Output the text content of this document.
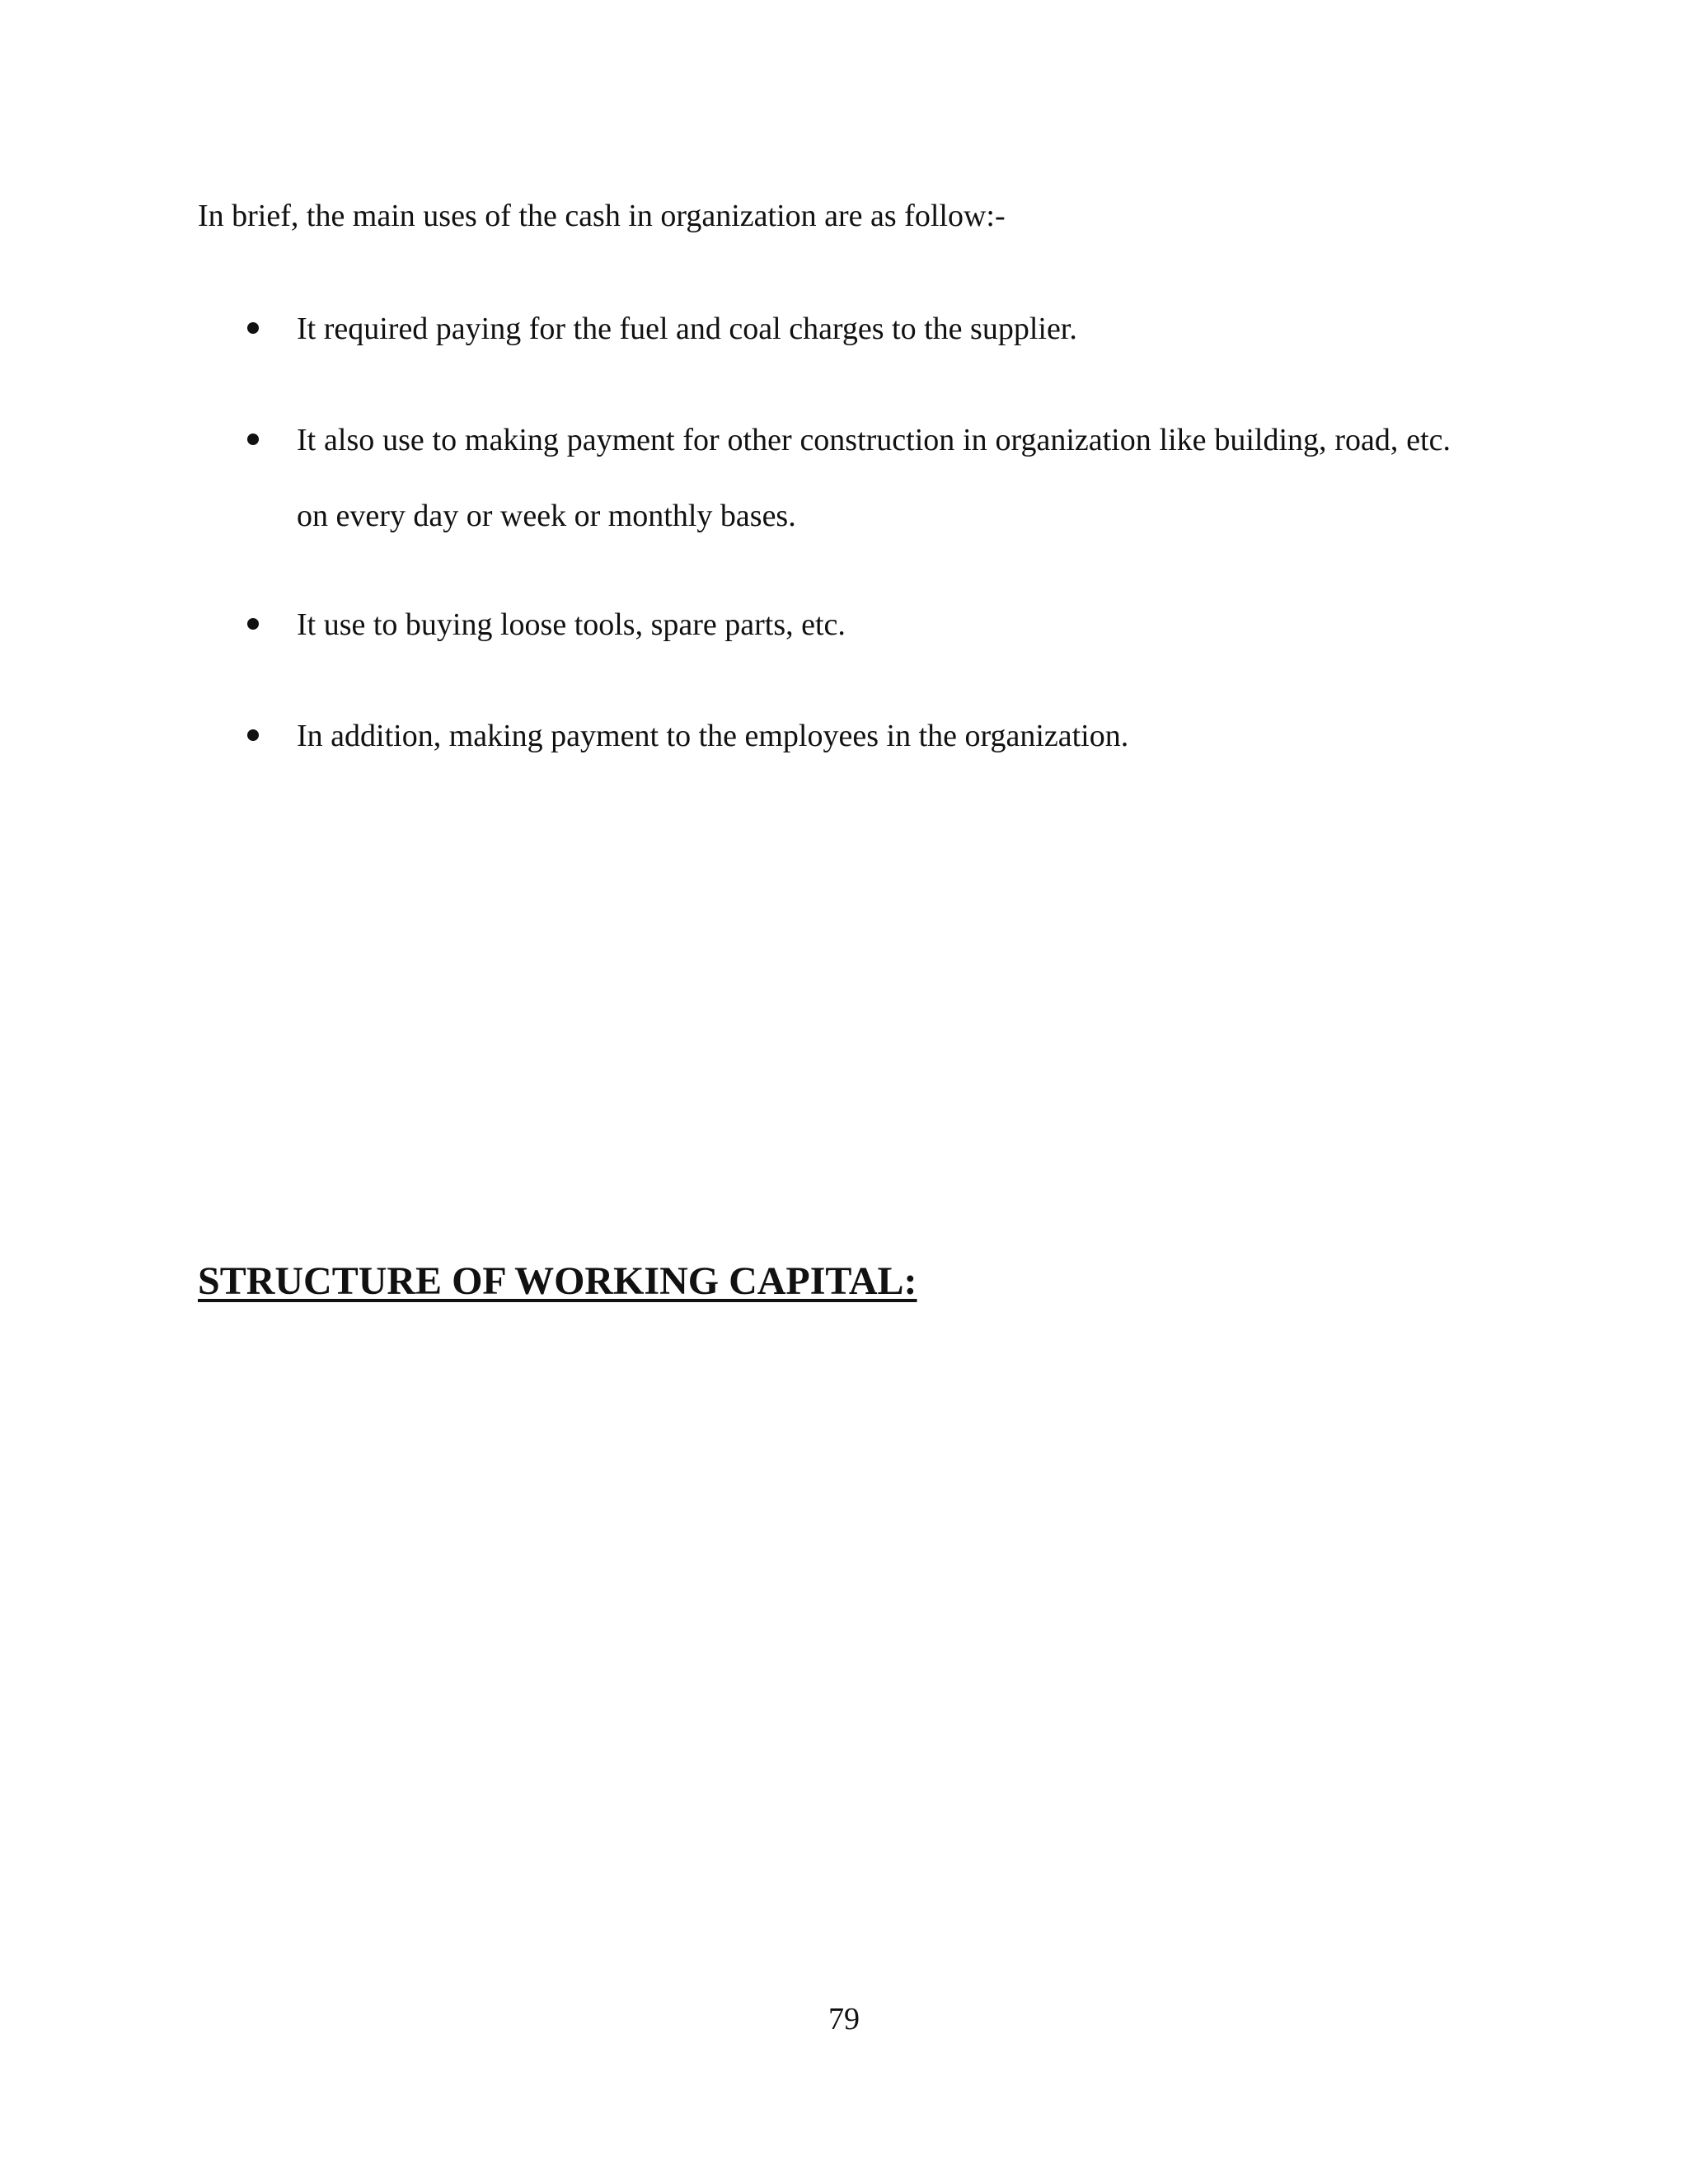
In brief, the main uses of the cash in organization are as follow:-

It required paying for the fuel and coal charges to the supplier.
It also use to making payment for other construction in organization like building, road, etc. on every day or week or monthly bases.
It use to buying loose tools, spare parts, etc.
In addition, making payment to the employees in the organization.
STRUCTURE OF WORKING CAPITAL:
79
